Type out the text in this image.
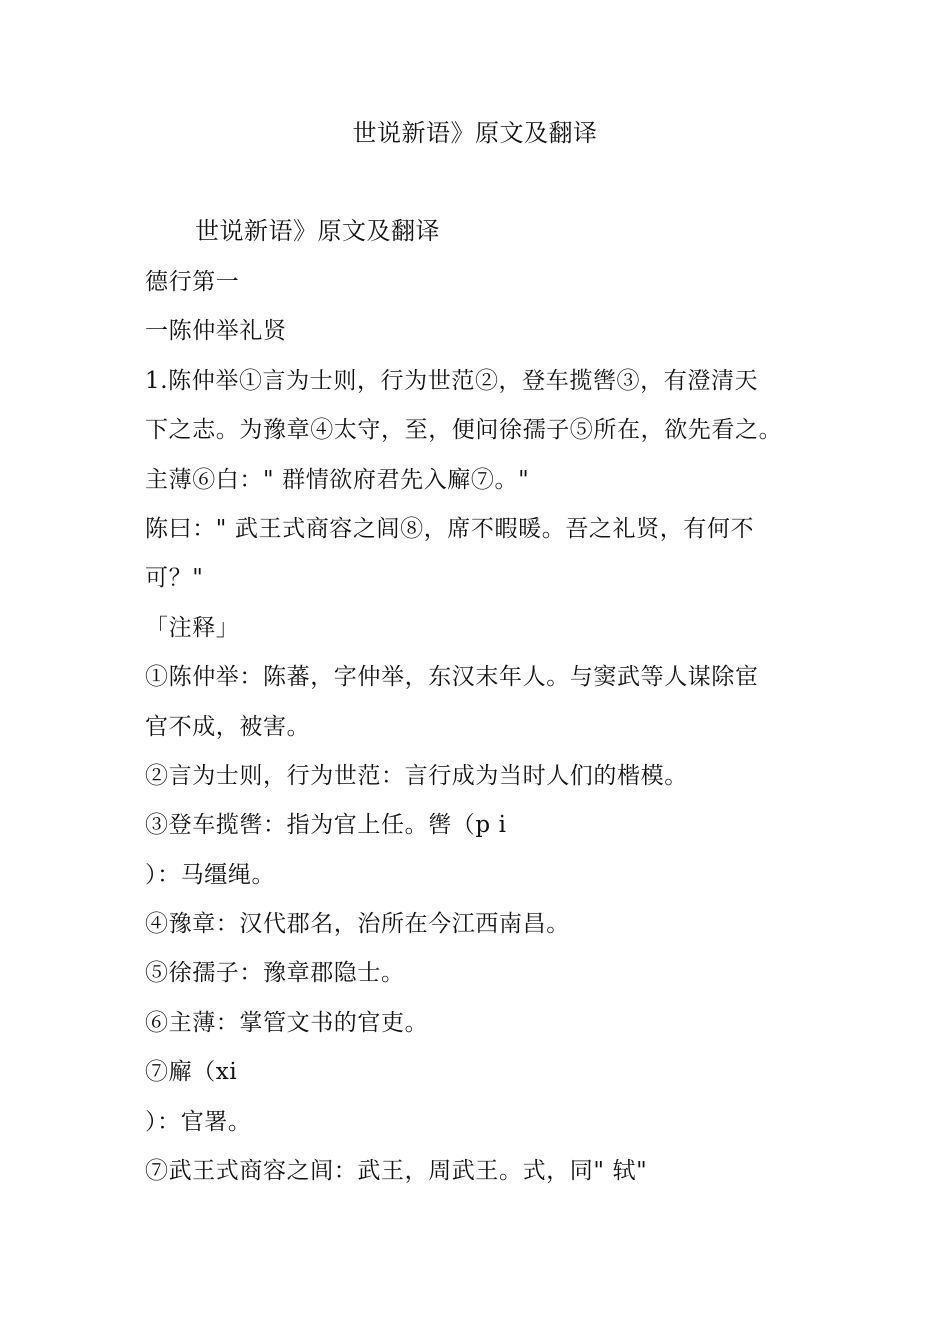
世说新语》原文及翻译
世说新语》原文及翻译
德行第一
一陈仲举礼贤
1.陈仲举①言为士则，行为世范②，登车揽辔③，有澄清天
下之志。为豫章④太守，至，便问徐孺子⑤所在，欲先看之。
主薄⑥白：" 群情欲府君先入廨⑦。"
陈曰：" 武王式商容之闾⑧，席不暇暖。吾之礼贤，有何不
可？"
「注释」
①陈仲举：陈蕃，字仲举，东汉末年人。与窦武等人谋除宦
官不成，被害。
②言为士则，行为世范：言行成为当时人们的楷模。
③登车揽辔：指为官上任。辔（p i
）：马缰绳。
④豫章：汉代郡名，治所在今江西南昌。
⑤徐孺子：豫章郡隐士。
⑥主薄：掌管文书的官吏。
⑦廨（xi
）：官署。
⑦武王式商容之闾：武王，周武王。式，同" 轼"
